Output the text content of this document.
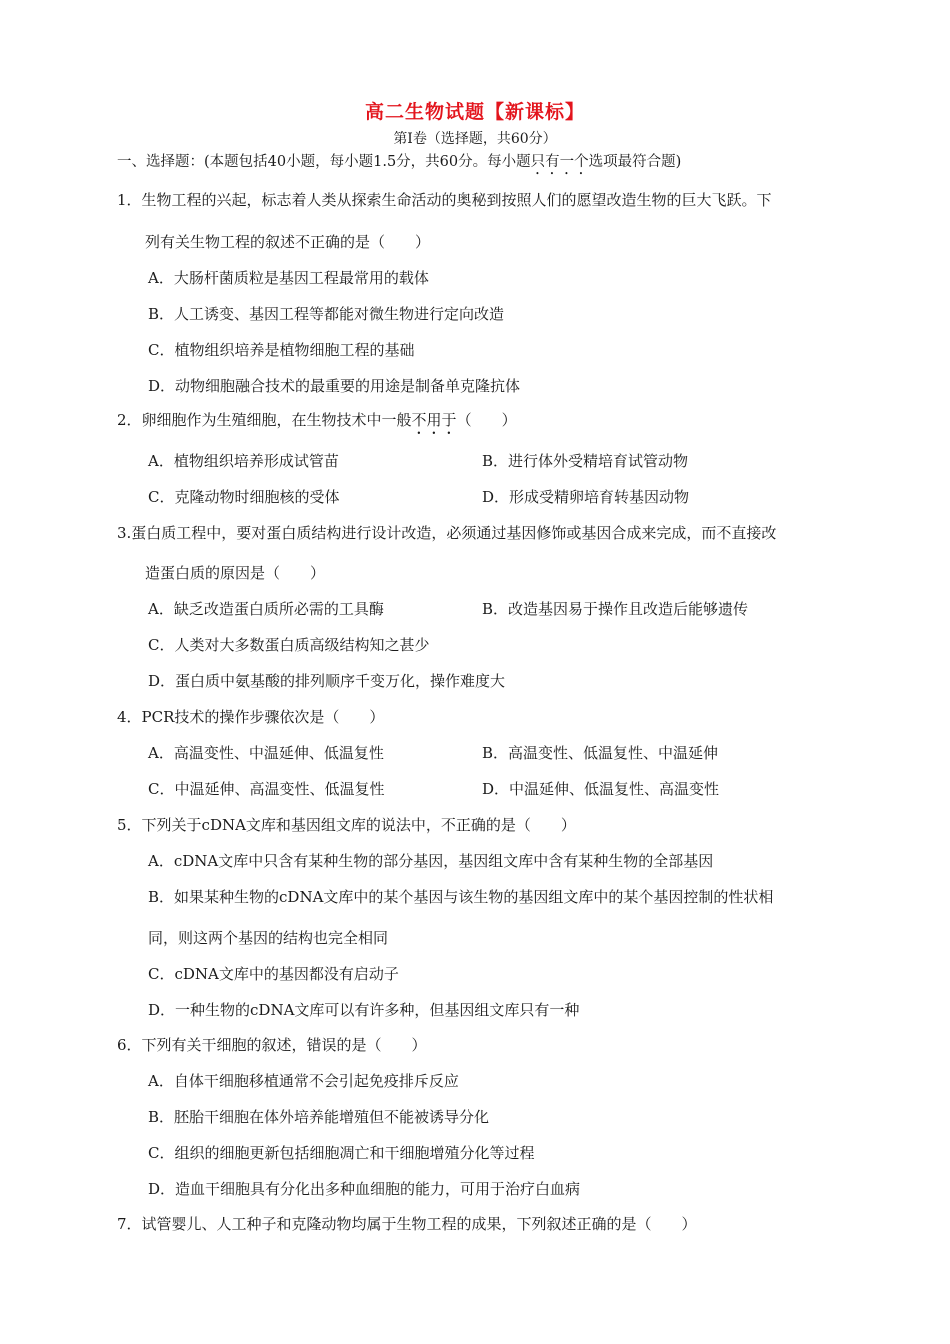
高二生物试题【新课标】
第Ⅰ卷（选择题，共60分）
一、选择题：(本题包括40小题，每小题1.5分，共60分。每小题只有一个选项最符合题)
1．生物工程的兴起，标志着人类从探索生命活动的奥秘到按照人们的愿望改造生物的巨大飞跃。下
列有关生物工程的叙述不正确的是（　　）
A．大肠杆菌质粒是基因工程最常用的载体
B．人工诱变、基因工程等都能对微生物进行定向改造
C．植物组织培养是植物细胞工程的基础
D．动物细胞融合技术的最重要的用途是制备单克隆抗体
2．卵细胞作为生殖细胞，在生物技术中一般不用于（　　）
A．植物组织培养形成试管苗	B．进行体外受精培育试管动物
C．克隆动物时细胞核的受体	D．形成受精卵培育转基因动物
3.蛋白质工程中，要对蛋白质结构进行设计改造，必须通过基因修饰或基因合成来完成，而不直接改
造蛋白质的原因是（　　）
A．缺乏改造蛋白质所必需的工具酶	B．改造基因易于操作且改造后能够遗传
C．人类对大多数蛋白质高级结构知之甚少
D．蛋白质中氨基酸的排列顺序千变万化，操作难度大
4．PCR技术的操作步骤依次是（　　）
A．高温变性、中温延伸、低温复性	B．高温变性、低温复性、中温延伸
C．中温延伸、高温变性、低温复性	D．中温延伸、低温复性、高温变性
5．下列关于cDNA文库和基因组文库的说法中，不正确的是（　　）
A．cDNA文库中只含有某种生物的部分基因，基因组文库中含有某种生物的全部基因
B．如果某种生物的cDNA文库中的某个基因与该生物的基因组文库中的某个基因控制的性状相
同，则这两个基因的结构也完全相同
C．cDNA文库中的基因都没有启动子
D．一种生物的cDNA文库可以有许多种，但基因组文库只有一种
6．下列有关干细胞的叙述，错误的是（　　）
A．自体干细胞移植通常不会引起免疫排斥反应
B．胚胎干细胞在体外培养能增殖但不能被诱导分化
C．组织的细胞更新包括细胞凋亡和干细胞增殖分化等过程
D．造血干细胞具有分化出多种血细胞的能力，可用于治疗白血病
7．试管婴儿、人工种子和克隆动物均属于生物工程的成果，下列叙述正确的是（　　）
